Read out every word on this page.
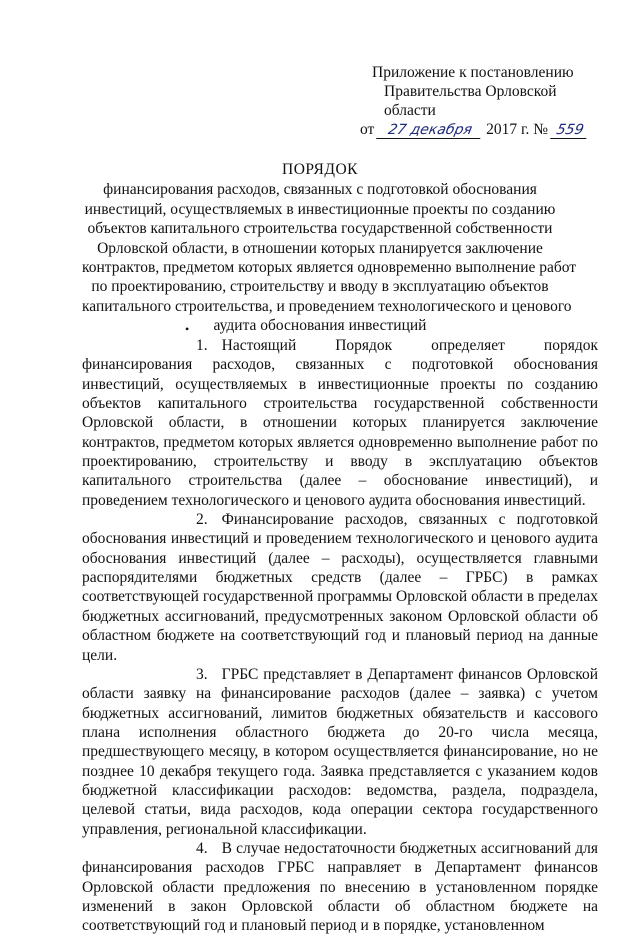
Приложение к постановлению
Правительства Орловской области
от 27 декабря 2017 г. № 559
ПОРЯДОК
финансирования расходов, связанных с подготовкой обоснования
инвестиций, осуществляемых в инвестиционные проекты по созданию
объектов капитального строительства государственной собственности
Орловской области, в отношении которых планируется заключение
контрактов, предметом которых является одновременно выполнение работ
по проектированию, строительству и вводу в эксплуатацию объектов
капитального строительства, и проведением технологического и ценового
аудита обоснования инвестиций
•

1. Настоящий Порядок определяет порядок финансирования расходов, связанных с подготовкой обоснования инвестиций, осуществляемых в инвестиционные проекты по созданию объектов капитального строительства государственной собственности Орловской области, в отношении которых планируется заключение контрактов, предметом которых является одновременно выполнение работ по проектированию, строительству и вводу в эксплуатацию объектов капитального строительства (далее – обоснование инвестиций), и проведением технологического и ценового аудита обоснования инвестиций.

2. Финансирование расходов, связанных с подготовкой обоснования инвестиций и проведением технологического и ценового аудита обоснования инвестиций (далее – расходы), осуществляется главными распорядителями бюджетных средств (далее – ГРБС) в рамках соответствующей государственной программы Орловской области в пределах бюджетных ассигнований, предусмотренных законом Орловской области об областном бюджете на соответствующий год и плановый период на данные цели.

3. ГРБС представляет в Департамент финансов Орловской области заявку на финансирование расходов (далее – заявка) с учетом бюджетных ассигнований, лимитов бюджетных обязательств и кассового плана исполнения областного бюджета до 20-го числа месяца, предшествующего месяцу, в котором осуществляется финансирование, но не позднее 10 декабря текущего года. Заявка представляется с указанием кодов бюджетной классификации расходов: ведомства, раздела, подраздела, целевой статьи, вида расходов, кода операции сектора государственного управления, региональной классификации.

4. В случае недостаточности бюджетных ассигнований для финансирования расходов ГРБС направляет в Департамент финансов Орловской области предложения по внесению в установленном порядке изменений в закон Орловской области об областном бюджете на соответствующий год и плановый период и в порядке, установленном
